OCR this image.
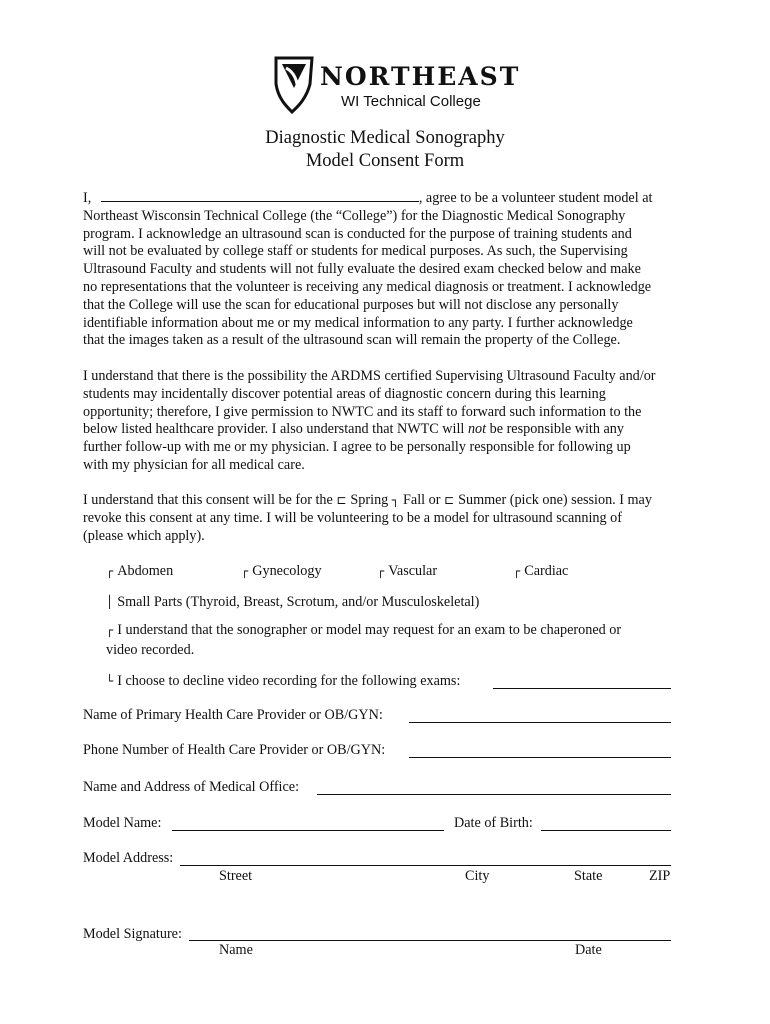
NORTHEAST
WI Technical College
Diagnostic Medical Sonography
Model Consent Form
I,	, agree to be a volunteer student model at
Northeast Wisconsin Technical College (the “College”) for the Diagnostic Medical Sonography
program. I acknowledge an ultrasound scan is conducted for the purpose of training students and
will not be evaluated by college staff or students for medical purposes. As such, the Supervising
Ultrasound Faculty and students will not fully evaluate the desired exam checked below and make
no representations that the volunteer is receiving any medical diagnosis or treatment. I acknowledge
that the College will use the scan for educational purposes but will not disclose any personally
identifiable information about me or my medical information to any party. I further acknowledge
that the images taken as a result of the ultrasound scan will remain the property of the College.
I understand that there is the possibility the ARDMS certified Supervising Ultrasound Faculty and/or
students may incidentally discover potential areas of diagnostic concern during this learning
opportunity; therefore, I give permission to NWTC and its staff to forward such information to the
below listed healthcare provider. I also understand that NWTC will not be responsible with any
further follow-up with me or my physician. I agree to be personally responsible for following up
with my physician for all medical care.
I understand that this consent will be for the ⊏ Spring ┐ Fall or ⊏ Summer (pick one) session. I may
revoke this consent at any time. I will be volunteering to be a model for ultrasound scanning of
(please which apply).
┌ Abdomen	┌ Gynecology	┌ Vascular	┌ Cardiac
│ Small Parts (Thyroid, Breast, Scrotum, and/or Musculoskeletal)
┌ I understand that the sonographer or model may request for an exam to be chaperoned or
video recorded.
└ I choose to decline video recording for the following exams:
Name of Primary Health Care Provider or OB/GYN:
Phone Number of Health Care Provider or OB/GYN:
Name and Address of Medical Office:
Model Name:	Date of Birth:
Model Address:
Street	City	State	ZIP
Model Signature:
Name	Date
